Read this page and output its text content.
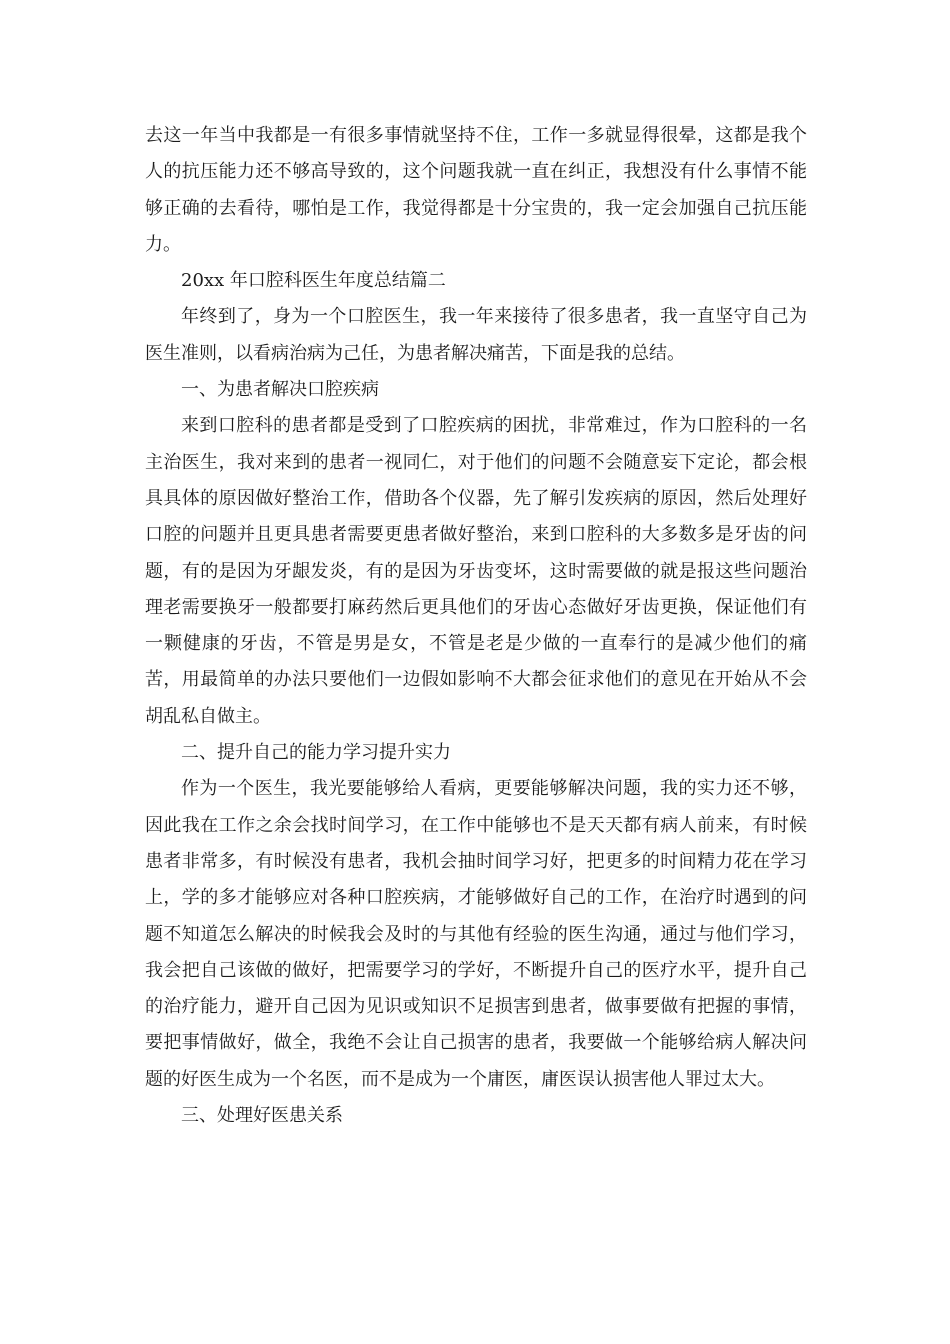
去这一年当中我都是一有很多事情就坚持不住，工作一多就显得很晕，这都是我个人的抗压能力还不够高导致的，这个问题我就一直在纠正，我想没有什么事情不能够正确的去看待，哪怕是工作，我觉得都是十分宝贵的，我一定会加强自己抗压能力。

20xx 年口腔科医生年度总结篇二

年终到了，身为一个口腔医生，我一年来接待了很多患者，我一直坚守自己为医生准则，以看病治病为己任，为患者解决痛苦，下面是我的总结。

一、为患者解决口腔疾病

来到口腔科的患者都是受到了口腔疾病的困扰，非常难过，作为口腔科的一名主治医生，我对来到的患者一视同仁，对于他们的问题不会随意妄下定论，都会根具具体的原因做好整治工作，借助各个仪器，先了解引发疾病的原因，然后处理好口腔的问题并且更具患者需要更患者做好整治，来到口腔科的大多数多是牙齿的问题，有的是因为牙龈发炎，有的是因为牙齿变坏，这时需要做的就是报这些问题治理老需要换牙一般都要打麻药然后更具他们的牙齿心态做好牙齿更换，保证他们有一颗健康的牙齿，不管是男是女，不管是老是少做的一直奉行的是减少他们的痛苦，用最简单的办法只要他们一边假如影响不大都会征求他们的意见在开始从不会胡乱私自做主。

二、提升自己的能力学习提升实力

作为一个医生，我光要能够给人看病，更要能够解决问题，我的实力还不够，因此我在工作之余会找时间学习，在工作中能够也不是天天都有病人前来，有时候患者非常多，有时候没有患者，我机会抽时间学习好，把更多的时间精力花在学习上，学的多才能够应对各种口腔疾病，才能够做好自己的工作，在治疗时遇到的问题不知道怎么解决的时候我会及时的与其他有经验的医生沟通，通过与他们学习，我会把自己该做的做好，把需要学习的学好，不断提升自己的医疗水平，提升自己的治疗能力，避开自己因为见识或知识不足损害到患者，做事要做有把握的事情，要把事情做好，做全，我绝不会让自己损害的患者，我要做一个能够给病人解决问题的好医生成为一个名医，而不是成为一个庸医，庸医误认损害他人罪过太大。

三、处理好医患关系
